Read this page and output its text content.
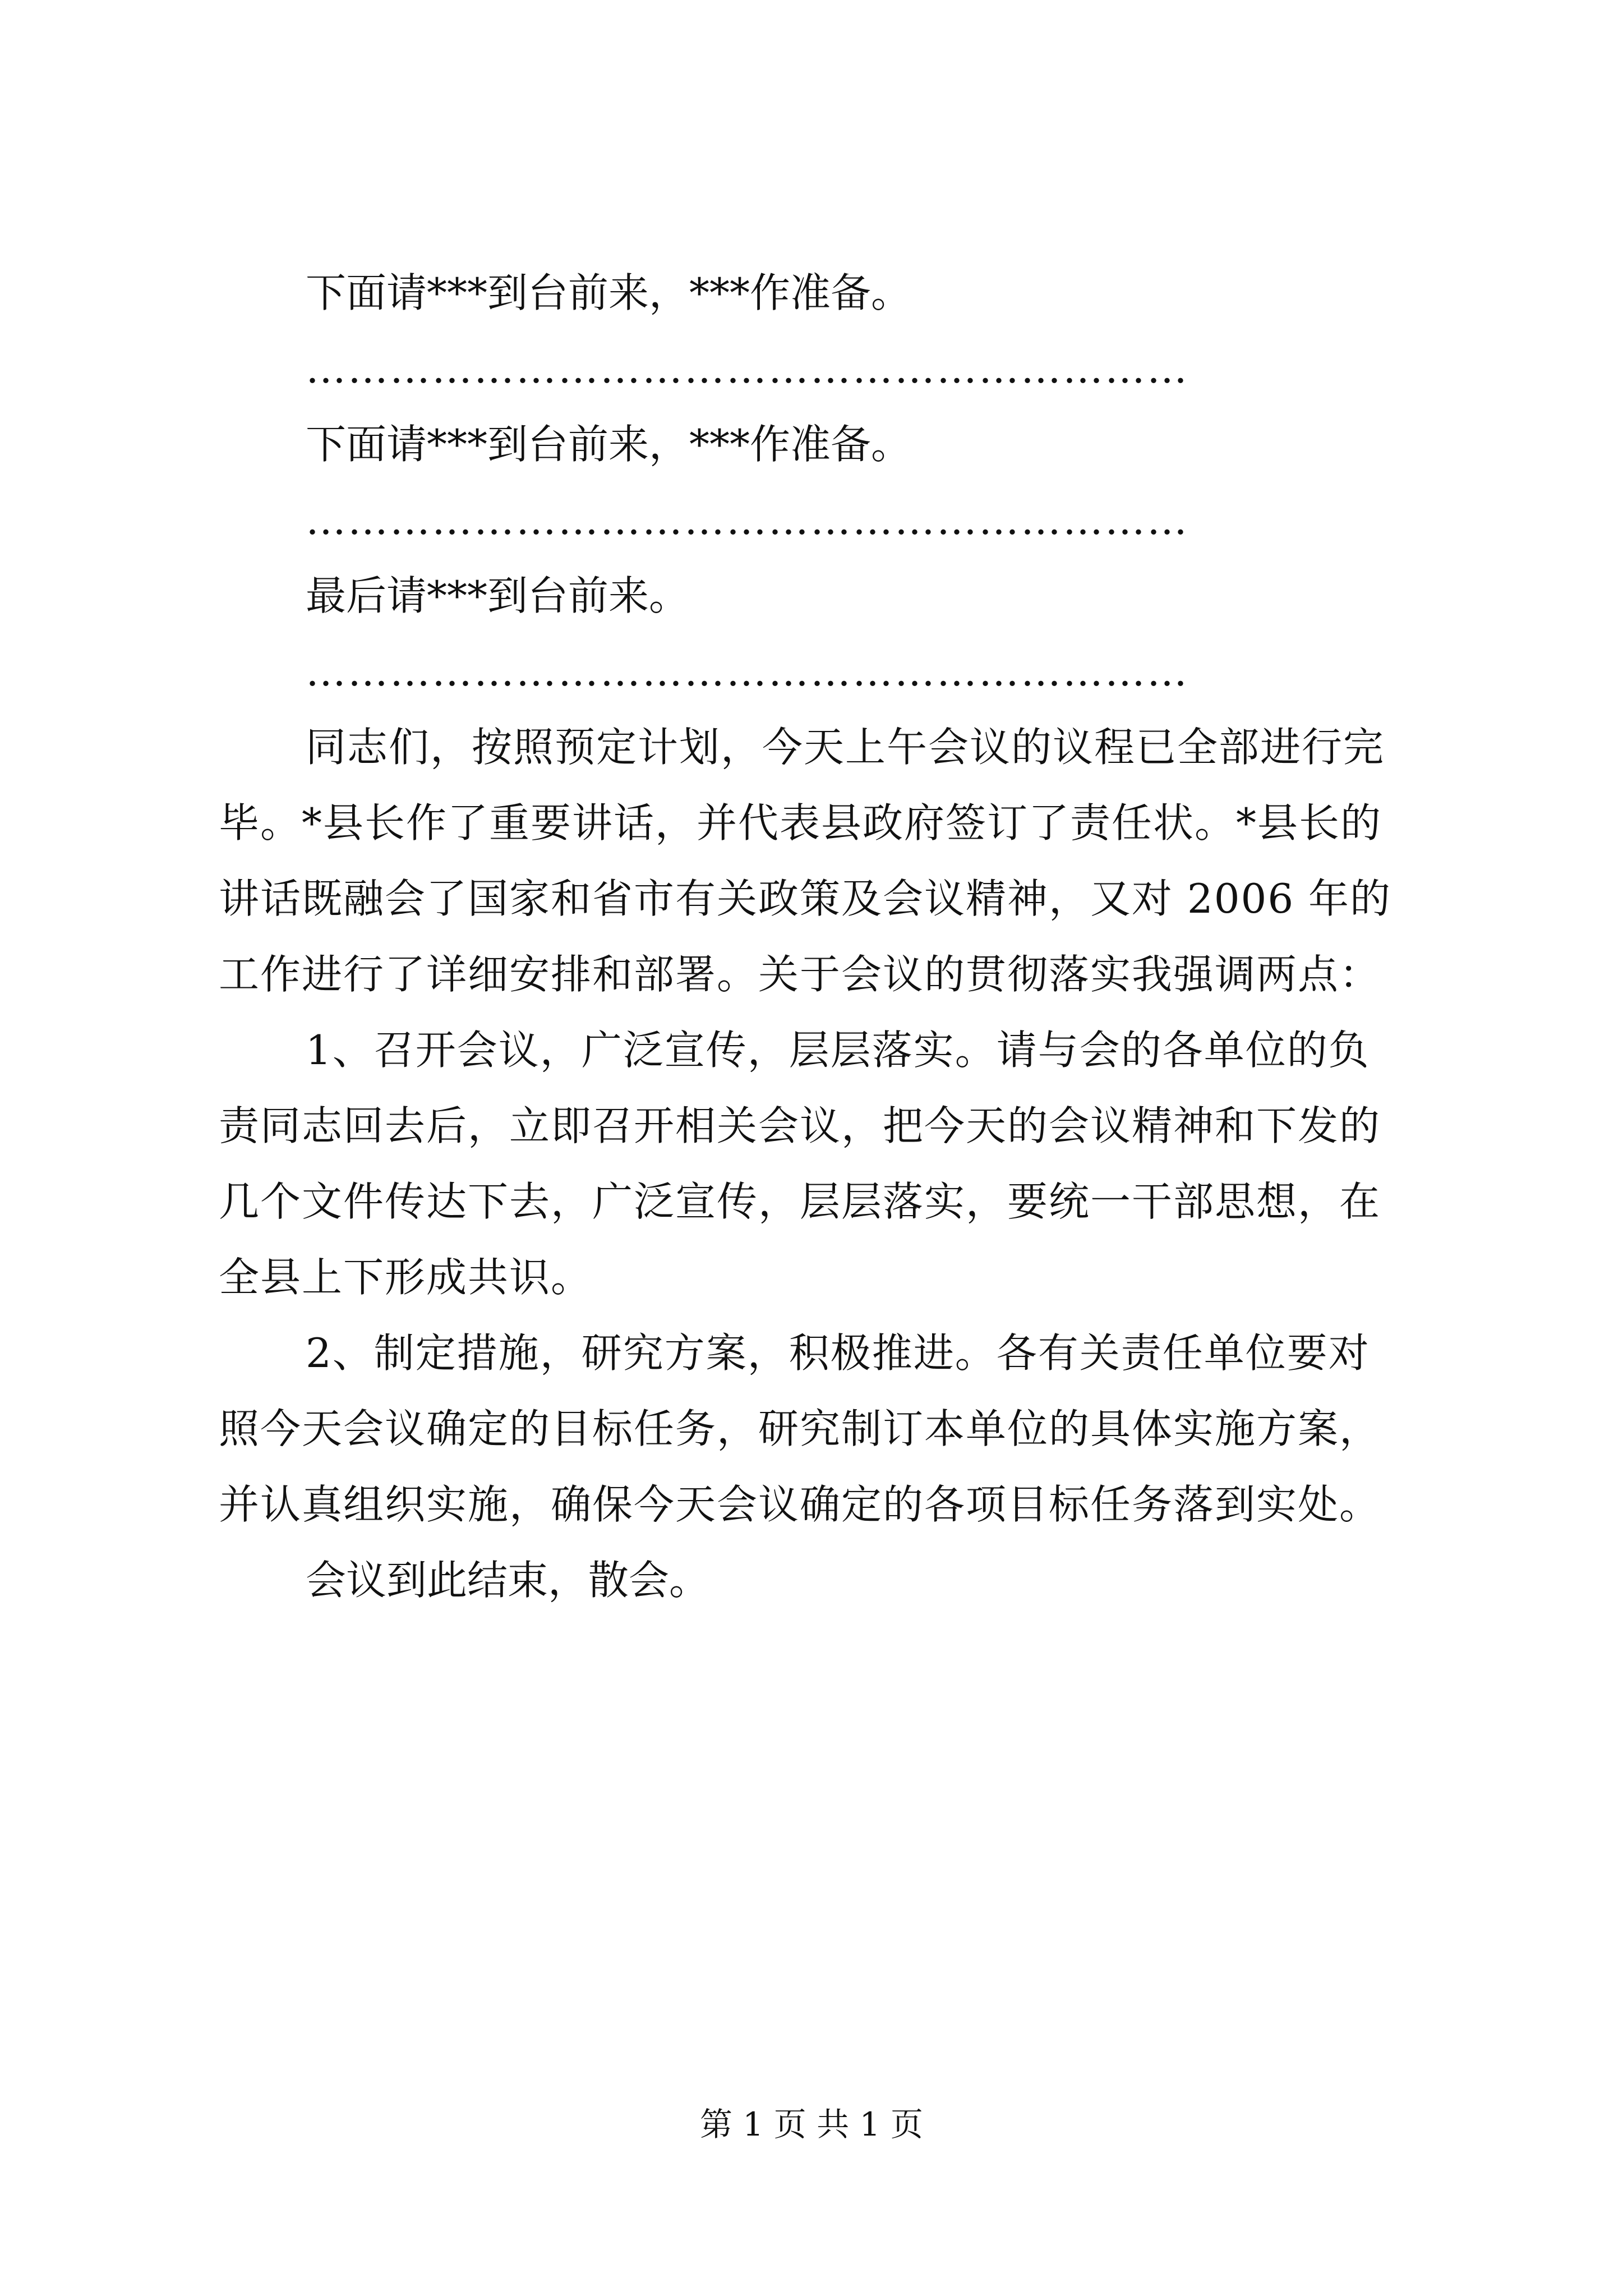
下面请***到台前来，***作准备。

………………………………………………………

下面请***到台前来，***作准备。

………………………………………………………

最后请***到台前来。

………………………………………………………

同志们，按照预定计划，今天上午会议的议程已全部进行完

毕。*县长作了重要讲话，并代表县政府签订了责任状。*县长的

讲话既融会了国家和省市有关政策及会议精神，又对 2006 年的

工作进行了详细安排和部署。关于会议的贯彻落实我强调两点：

1、召开会议，广泛宣传，层层落实。请与会的各单位的负

责同志回去后，立即召开相关会议，把今天的会议精神和下发的

几个文件传达下去，广泛宣传，层层落实，要统一干部思想，在

全县上下形成共识。

2、制定措施，研究方案，积极推进。各有关责任单位要对

照今天会议确定的目标任务，研究制订本单位的具体实施方案，

并认真组织实施，确保今天会议确定的各项目标任务落到实处。

会议到此结束，散会。

第 1 页 共 1 页
